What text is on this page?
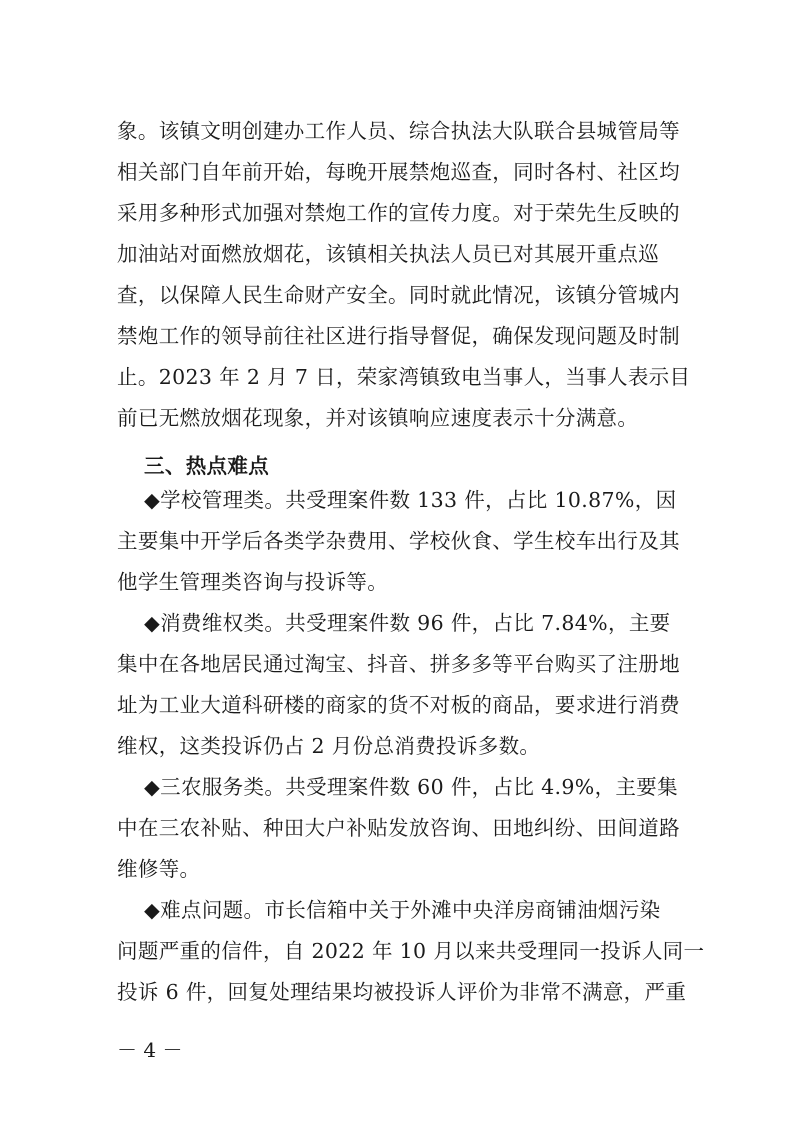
象。该镇文明创建办工作人员、综合执法大队联合县城管局等
相关部门自年前开始，每晚开展禁炮巡查，同时各村、社区均
采用多种形式加强对禁炮工作的宣传力度。对于荣先生反映的
加油站对面燃放烟花，该镇相关执法人员已对其展开重点巡
查，以保障人民生命财产安全。同时就此情况，该镇分管城内
禁炮工作的领导前往社区进行指导督促，确保发现问题及时制
止。2023 年 2 月 7 日，荣家湾镇致电当事人，当事人表示目
前已无燃放烟花现象，并对该镇响应速度表示十分满意。
三、热点难点
◆学校管理类。共受理案件数 133 件，占比 10.87%，因
主要集中开学后各类学杂费用、学校伙食、学生校车出行及其
他学生管理类咨询与投诉等。
◆消费维权类。共受理案件数 96 件，占比 7.84%，主要
集中在各地居民通过淘宝、抖音、拼多多等平台购买了注册地
址为工业大道科研楼的商家的货不对板的商品，要求进行消费
维权，这类投诉仍占 2 月份总消费投诉多数。
◆三农服务类。共受理案件数 60 件，占比 4.9%，主要集
中在三农补贴、种田大户补贴发放咨询、田地纠纷、田间道路
维修等。
◆难点问题。市长信箱中关于外滩中央洋房商铺油烟污染
问题严重的信件，自 2022 年 10 月以来共受理同一投诉人同一
投诉 6 件，回复处理结果均被投诉人评价为非常不满意，严重
－ 4 －
